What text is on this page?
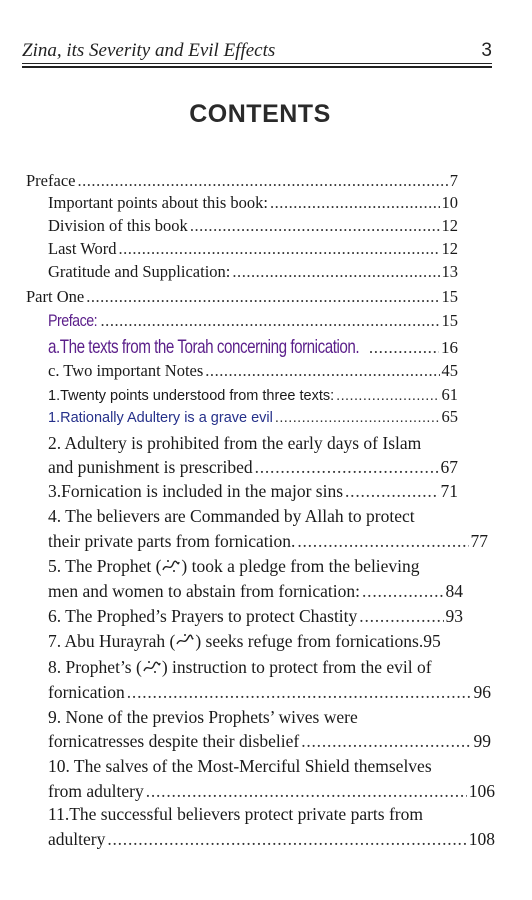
Zina, its Severity and Evil Effects	3
CONTENTS
Preface . . .	7
Important points about this book: . . .	10
Division of this book . . .	12
Last Word . . .	12
Gratitude and Supplication: . . .	13
Part One . . .	15
Preface: . . .	15
a.The texts from the Torah concerning fornication. . . .	16
c. Two important Notes . . .	45
1.Twenty points understood from three texts: . . .	61
1.Rationally Adultery is a grave evil . . .	65
2. Adultery is prohibited from the early days of Islam
and punishment is prescribed . . .	67
3.Fornication is included in the major sins . . .	71
4. The believers are Commanded by Allah to protect
their private parts from fornication. . . .	77
5. The Prophet ( ) took a pledge from the believing
men and women to abstain from fornication: . . .	84
6. The Prophed’s Prayers to protect Chastity . . .	93
7. Abu Hurayrah ( ) seeks refuge from fornications. 95
8. Prophet’s ( ) instruction to protect from the evil of
fornication . . .	96
9. None of the previos Prophets’ wives were
fornicatresses despite their disbelief . . .	99
10. The salves of the Most-Merciful Shield themselves
from adultery . . .	106
11.The successful believers protect private parts from
adultery . . .	108
